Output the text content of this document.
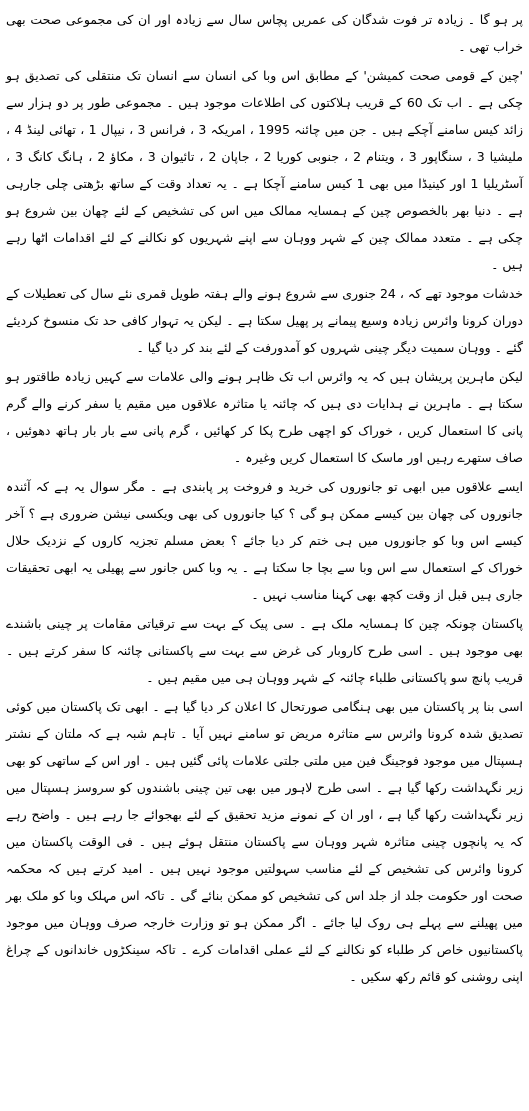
پر ہو گا ۔ زیادہ تر فوت شدگان کی عمریں پچاس سال سے زیادہ اور ان کی مجموعی صحت بھی خراب تھی ۔

'چین کے قومی صحت کمیشن' کے مطابق اس وبا کی انسان سے انسان تک منتقلی کی تصدیق ہو چکی ہے ۔ اب تک 60 کے قریب ہلاکتوں کی اطلاعات موجود ہیں ۔ مجموعی طور پر دو ہزار سے زائد کیس سامنے آچکے ہیں ۔ جن میں چائنہ 1995 ، امریکہ 3 ، فرانس 3 ، نیپال 1 ، تھائی لینڈ 4 ، ملیشیا 3 ، سنگاپور 3 ، ویتنام 2 ، جنوبی کوریا 2 ، جاپان 2 ، تائیوان 3 ، مکاؤ 2 ، ہانگ کانگ 3 ، آسٹریلیا 1 اور کینیڈا میں بھی 1 کیس سامنے آچکا ہے ۔ یہ تعداد وقت کے ساتھ بڑھتی چلی جارہی ہے ۔ دنیا بھر بالخصوص چین کے ہمسایہ ممالک میں اس کی تشخیص کے لئے چھان بین شروع ہو چکی ہے ۔ متعدد ممالک چین کے شہر ووہان سے اپنے شہریوں کو نکالنے کے لئے اقدامات اٹھا رہے ہیں ۔

خدشات موجود تھے کہ ، 24 جنوری سے شروع ہونے والے ہفتہ طویل قمری نئے سال کی تعطیلات کے دوران کرونا وائرس زیادہ وسیع پیمانے پر پھیل سکتا ہے ۔ لیکن یہ تہوار کافی حد تک منسوخ کردیئے گئے ۔ ووہان سمیت دیگر چینی شہروں کو آمدورفت کے لئے بند کر دیا گیا ۔

لیکن ماہرین پریشان ہیں کہ یہ وائرس اب تک ظاہر ہونے والی علامات سے کہیں زیادہ طاقتور ہو سکتا ہے ۔ ماہرین نے ہدایات دی ہیں کہ چائنہ یا متاثرہ علاقوں میں مقیم یا سفر کرنے والے گرم پانی کا استعمال کریں ، خوراک کو اچھی طرح پکا کر کھائیں ، گرم پانی سے بار بار ہاتھ دھوئیں ، صاف ستھرے رہیں اور ماسک کا استعمال کریں وغیرہ ۔

ایسے علاقوں میں ابھی تو جانوروں کی خرید و فروخت پر پابندی ہے ۔ مگر سوال یہ ہے کہ آئندہ جانوروں کی چھان بین کیسے ممکن ہو گی ؟ کیا جانوروں کی بھی ویکسی نیشن ضروری ہے ؟ آخر کیسے اس وبا کو جانوروں میں ہی ختم کر دیا جائے ؟ بعض مسلم تجزیہ کاروں کے نزدیک حلال خوراک کے استعمال سے اس وبا سے بچا جا سکتا ہے ۔ یہ وبا کس جانور سے پھیلی یہ ابھی تحقیقات جاری ہیں قبل از وقت کچھ بھی کہنا مناسب نہیں ۔

پاکستان چونکہ چین کا ہمسایہ ملک ہے ۔ سی پیک کے بہت سے ترقیاتی مقامات پر چینی باشندے بھی موجود ہیں ۔ اسی طرح کاروبار کی غرض سے بہت سے پاکستانی چائنہ کا سفر کرتے ہیں ۔ قریب پانچ سو پاکستانی طلباء چائنہ کے شہر ووہان ہی میں مقیم ہیں ۔

اسی بنا پر پاکستان میں بھی ہنگامی صورتحال کا اعلان کر دیا گیا ہے ۔ ابھی تک پاکستان میں کوئی تصدیق شدہ کرونا وائرس سے متاثرہ مریض تو سامنے نہیں آیا ۔ تاہم شبہ ہے کہ ملتان کے نشتر ہسپتال میں موجود فوجینگ فین میں ملتی جلتی علامات پائی گئیں ہیں ۔ اور اس کے ساتھی کو بھی زیر نگہداشت رکھا گیا ہے ۔ اسی طرح لاہور میں بھی تین چینی باشندوں کو سروسز ہسپتال میں زیر نگہداشت رکھا گیا ہے ، اور ان کے نمونے مزید تحقیق کے لئے بھجوائے جا رہے ہیں ۔ واضح رہے کہ یہ پانچوں چینی متاثرہ شہر ووہان سے پاکستان منتقل ہوئے ہیں ۔ فی الوقت پاکستان میں کرونا وائرس کی تشخیص کے لئے مناسب سہولتیں موجود نہیں ہیں ۔ امید کرتے ہیں کہ محکمہ صحت اور حکومت جلد از جلد اس کی تشخیص کو ممکن بنائے گی ۔ تاکہ اس مہلک وبا کو ملک بھر میں پھیلنے سے پہلے ہی روک لیا جائے ۔ اگر ممکن ہو تو وزارت خارجہ صرف ووہان میں موجود پاکستانیوں خاص کر طلباء کو نکالنے کے لئے عملی اقدامات کرے ۔ تاکہ سینکڑوں خاندانوں کے چراغ اپنی روشنی کو قائم رکھ سکیں ۔
